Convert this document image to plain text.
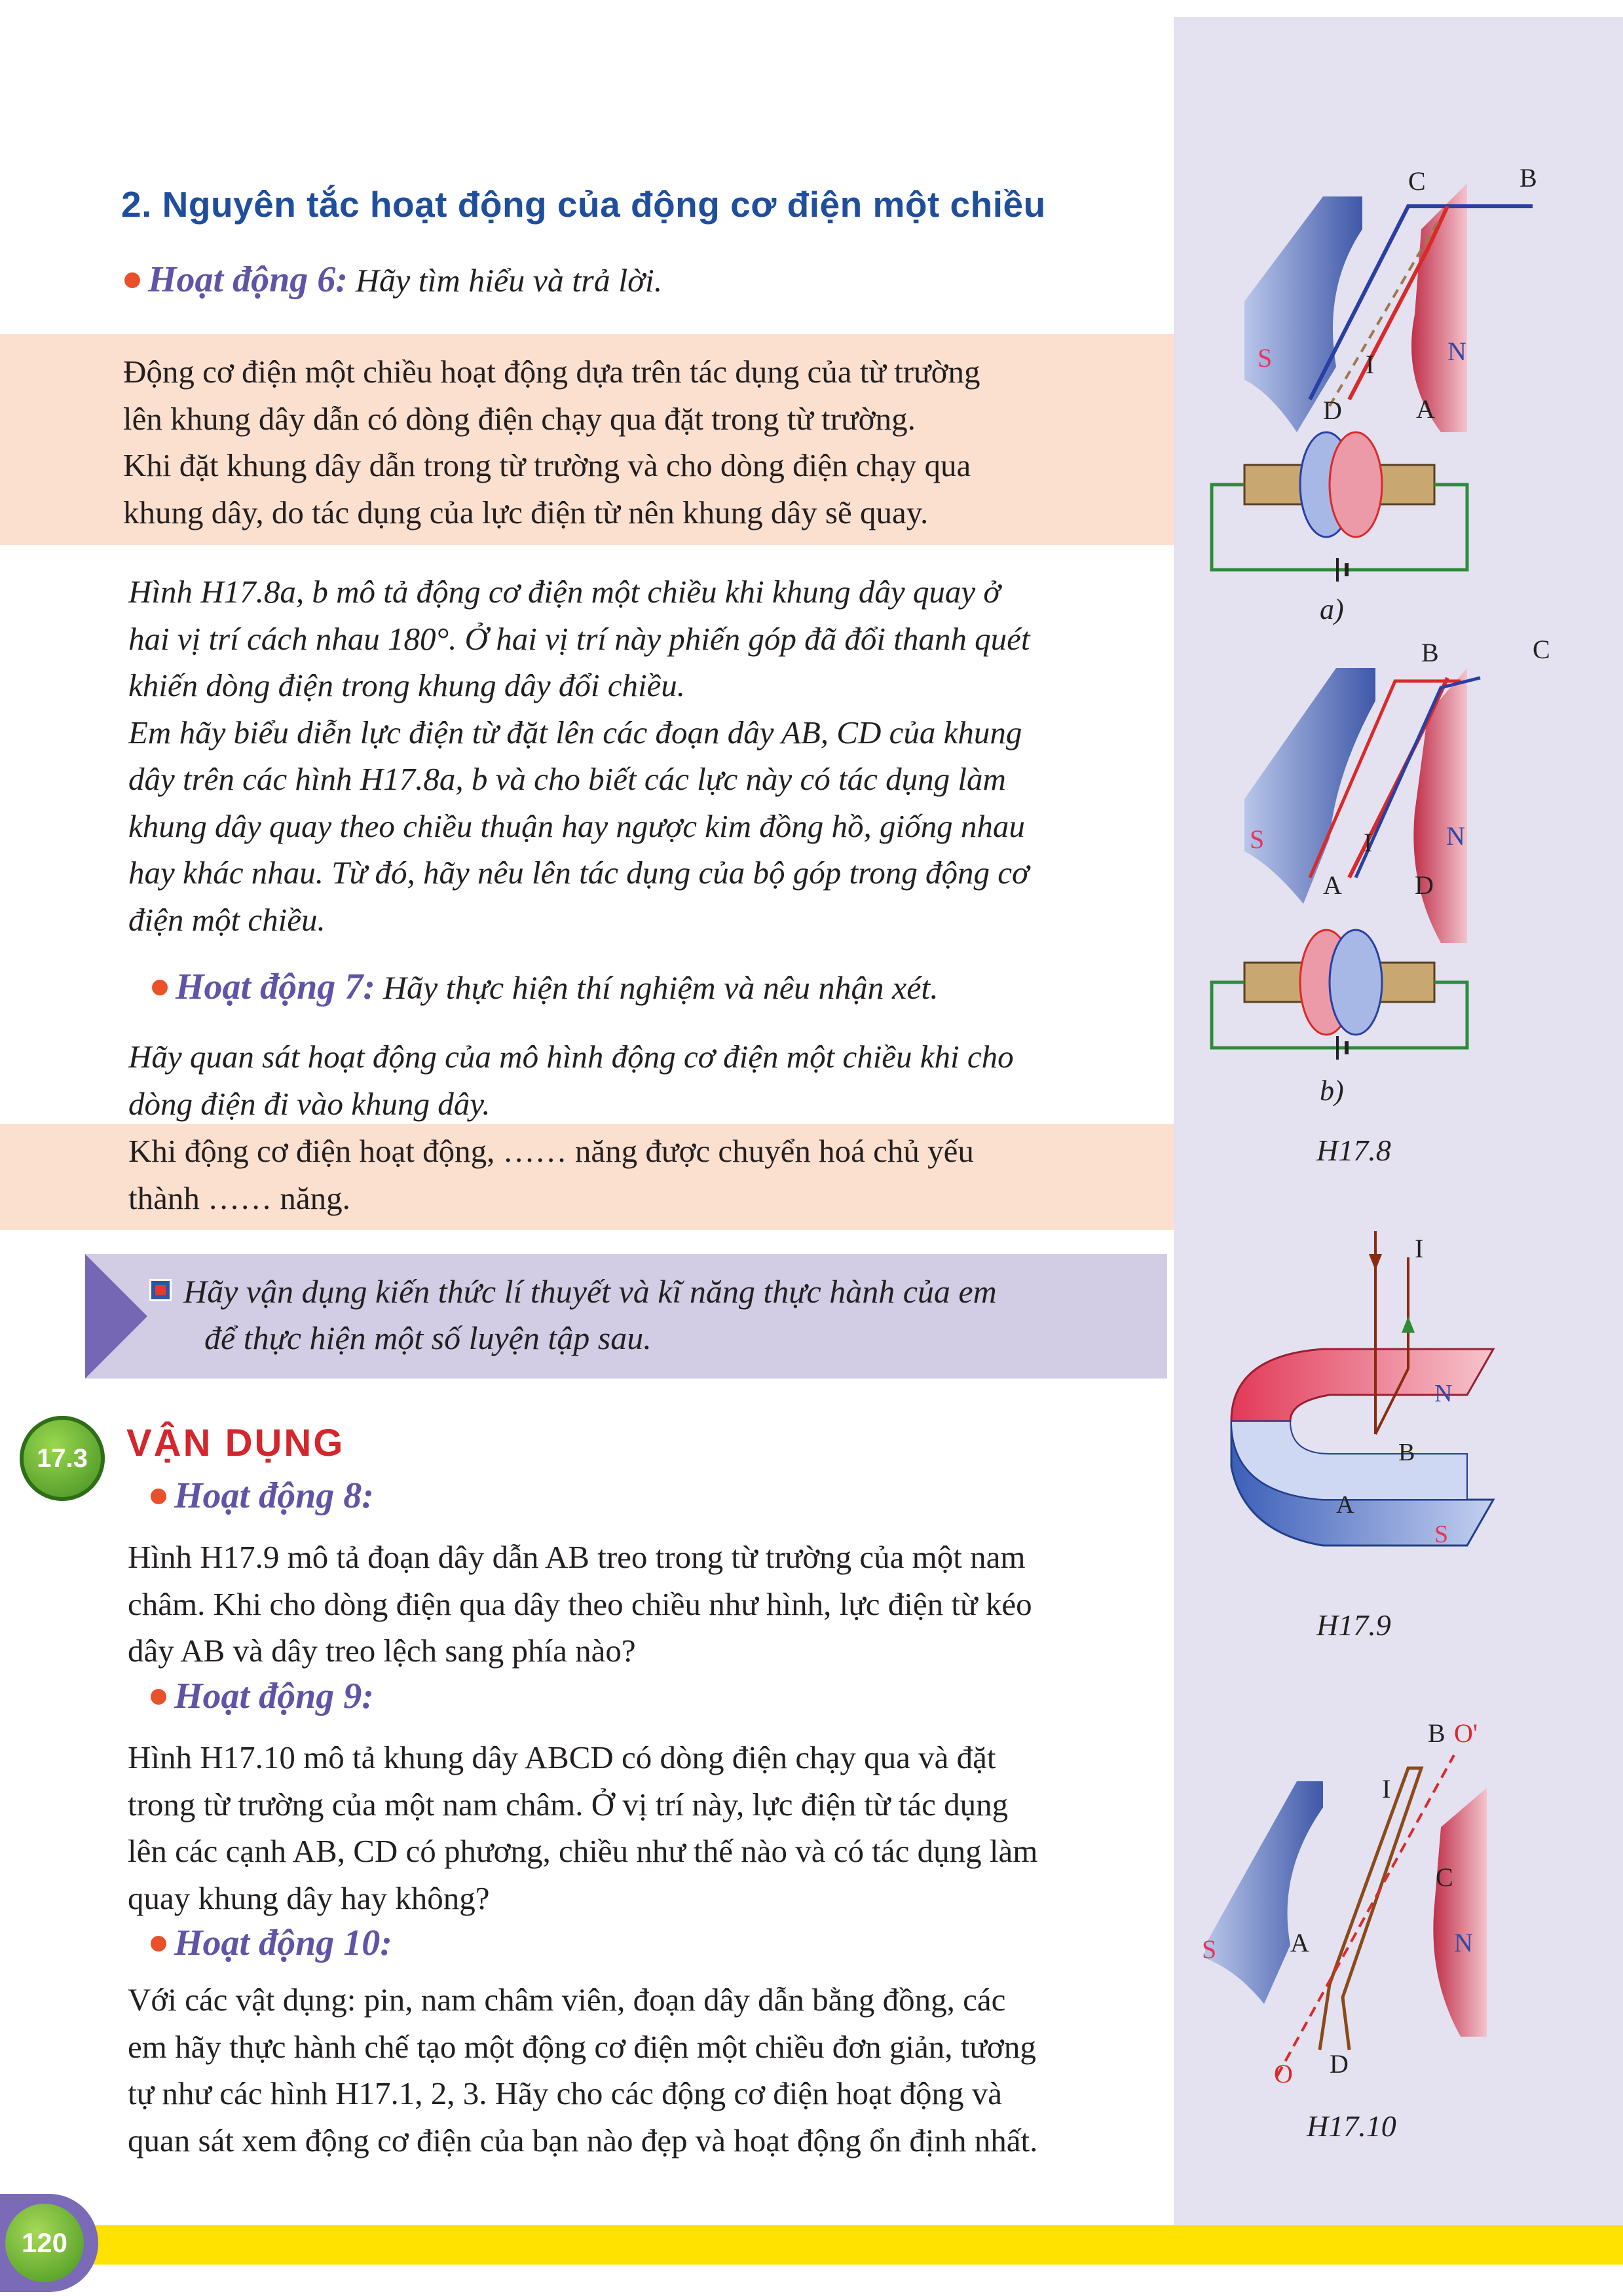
2. Nguyên tắc hoạt động của động cơ điện một chiều
Hoạt động 6: Hãy tìm hiểu và trả lời.
Động cơ điện một chiều hoạt động dựa trên tác dụng của từ trường
lên khung dây dẫn có dòng điện chạy qua đặt trong từ trường.
Khi đặt khung dây dẫn trong từ trường và cho dòng điện chạy qua
khung dây, do tác dụng của lực điện từ nên khung dây sẽ quay.
Hình H17.8a, b mô tả động cơ điện một chiều khi khung dây quay ở
hai vị trí cách nhau 180°. Ở hai vị trí này phiến góp đã đổi thanh quét
khiến dòng điện trong khung dây đổi chiều.
Em hãy biểu diễn lực điện từ đặt lên các đoạn dây AB, CD của khung
dây trên các hình H17.8a, b và cho biết các lực này có tác dụng làm
khung dây quay theo chiều thuận hay ngược kim đồng hồ, giống nhau
hay khác nhau. Từ đó, hãy nêu lên tác dụng của bộ góp trong động cơ
điện một chiều.
Hoạt động 7: Hãy thực hiện thí nghiệm và nêu nhận xét.
Hãy quan sát hoạt động của mô hình động cơ điện một chiều khi cho
dòng điện đi vào khung dây.
Khi động cơ điện hoạt động, …… năng được chuyển hoá chủ yếu
thành …… năng.
Hãy vận dụng kiến thức lí thuyết và kĩ năng thực hành của em
để thực hiện một số luyện tập sau.
17.3	VẬN DỤNG
Hoạt động 8:
Hình H17.9 mô tả đoạn dây dẫn AB treo trong từ trường của một nam
châm. Khi cho dòng điện qua dây theo chiều như hình, lực điện từ kéo
dây AB và dây treo lệch sang phía nào?
Hoạt động 9:
Hình H17.10 mô tả khung dây ABCD có dòng điện chạy qua và đặt
trong từ trường của một nam châm. Ở vị trí này, lực điện từ tác dụng
lên các cạnh AB, CD có phương, chiều như thế nào và có tác dụng làm
quay khung dây hay không?
Hoạt động 10:
Với các vật dụng: pin, nam châm viên, đoạn dây dẫn bằng đồng, các
em hãy thực hành chế tạo một động cơ điện một chiều đơn giản, tương
tự như các hình H17.1, 2, 3. Hãy cho các động cơ điện hoạt động và
quan sát xem động cơ điện của bạn nào đẹp và hoạt động ổn định nhất.
C	B
S	N
I
D	A
a)
B	C
S	N
I
A	D
b)
H17.8
I
N
B
A
S
H17.9
B O'
I
C
S	A	N
O D
H17.10
120
